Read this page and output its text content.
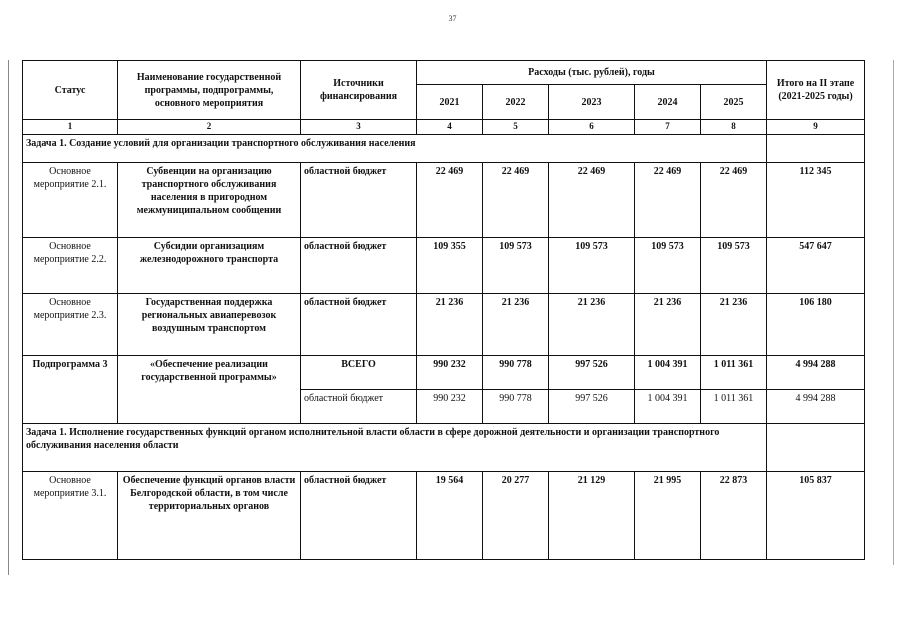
37
Статус	Наименование государственной программы, подпрограммы, основного мероприятия	Источники финансирования	Расходы (тыс. рублей), годы					Итого на II этапе (2021-2025 годы)
			2021	2022	2023	2024	2025	
1	2	3	4	5	6	7	8	9
Задача 1. Создание условий для организации транспортного обслуживания населения								
Основное мероприятие 2.1.	Субвенции на организацию транспортного обслуживания населения в пригородном межмуниципальном сообщении	областной бюджет	22 469	22 469	22 469	22 469	22 469	112 345
Основное мероприятие 2.2.	Субсидии организациям железнодорожного транспорта	областной бюджет	109 355	109 573	109 573	109 573	109 573	547 647
Основное мероприятие 2.3.	Государственная поддержка региональных авиаперевозок воздушным транспортом	областной бюджет	21 236	21 236	21 236	21 236	21 236	106 180
Подпрограмма 3	«Обеспечение реализации государственной программы»	ВСЕГО	990 232	990 778	997 526	1 004 391	1 011 361	4 994 288
		областной бюджет	990 232	990 778	997 526	1 004 391	1 011 361	4 994 288
Задача 1. Исполнение государственных функций органом исполнительной власти области в сфере дорожной деятельности и организации транспортного обслуживания населения области								
Основное мероприятие 3.1.	Обеспечение функций органов власти Белгородской области, в том числе территориальных органов	областной бюджет	19 564	20 277	21 129	21 995	22 873	105 837
